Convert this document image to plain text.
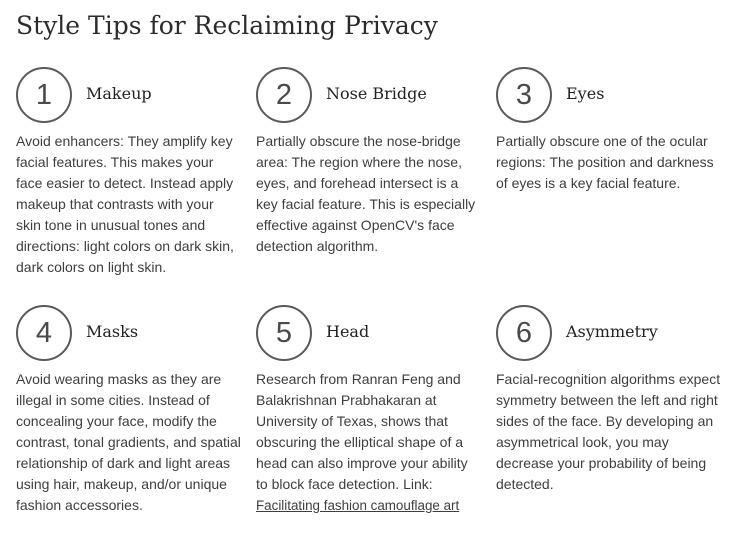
Style Tips for Reclaiming Privacy
1	Makeup

Avoid enhancers: They amplify key facial features. This makes your face easier to detect. Instead apply makeup that contrasts with your skin tone in unusual tones and directions: light colors on dark skin, dark colors on light skin.

2	Nose Bridge

Partially obscure the nose-bridge area: The region where the nose, eyes, and forehead intersect is a key facial feature. This is especially effective against OpenCV's face detection algorithm.

3	Eyes

Partially obscure one of the ocular regions: The position and darkness of eyes is a key facial feature.

4	Masks

Avoid wearing masks as they are illegal in some cities. Instead of concealing your face, modify the contrast, tonal gradients, and spatial relationship of dark and light areas using hair, makeup, and/or unique fashion accessories.

5	Head

Research from Ranran Feng and Balakrishnan Prabhakaran at University of Texas, shows that obscuring the elliptical shape of a head can also improve your ability to block face detection. Link: Facilitating fashion camouflage art

6	Asymmetry

Facial-recognition algorithms expect symmetry between the left and right sides of the face. By developing an asymmetrical look, you may decrease your probability of being detected.
